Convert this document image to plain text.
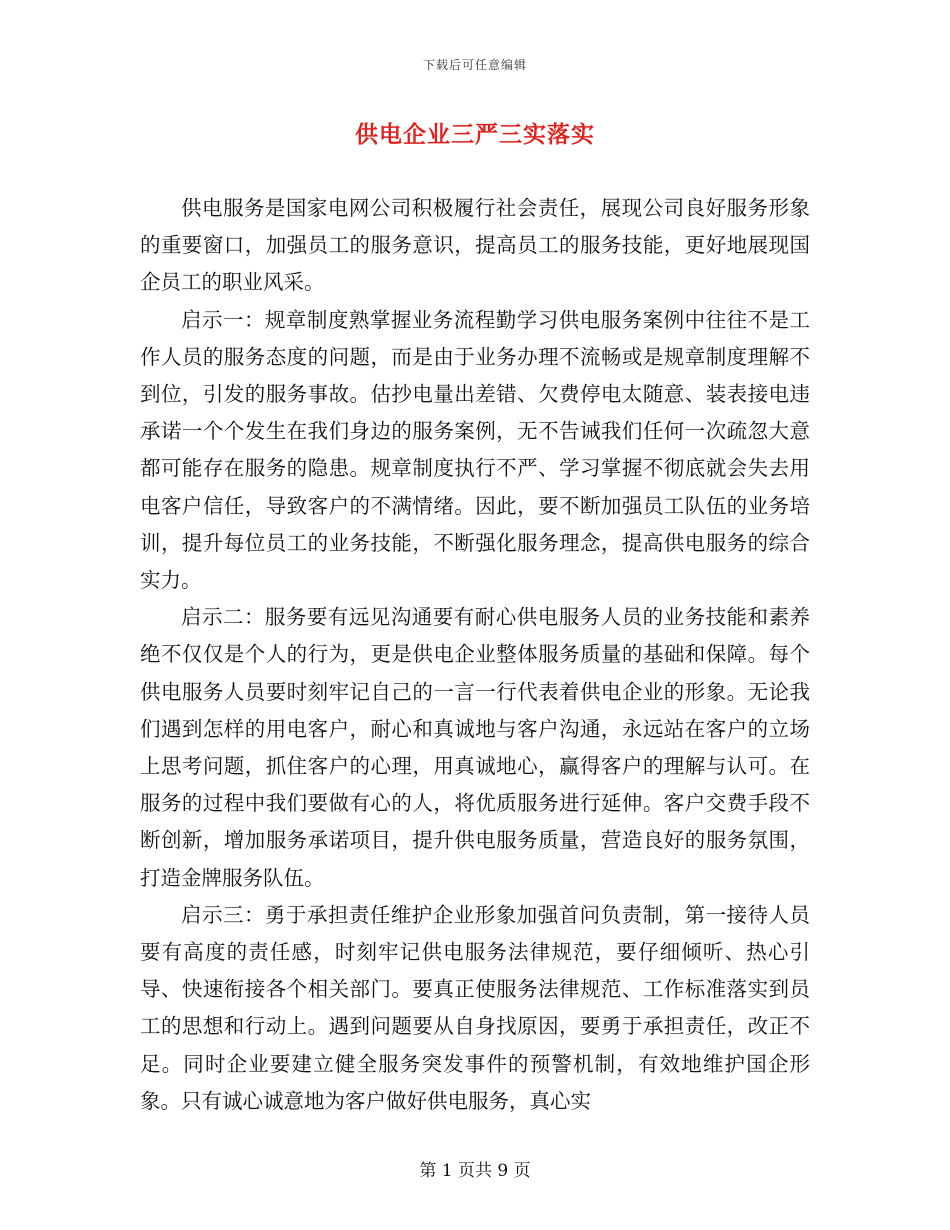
下载后可任意编辑
供电企业三严三实落实

供电服务是国家电网公司积极履行社会责任，展现公司良好服务形象的重要窗口，加强员工的服务意识，提高员工的服务技能，更好地展现国企员工的职业风采。

启示一：规章制度熟掌握业务流程勤学习供电服务案例中往往不是工作人员的服务态度的问题，而是由于业务办理不流畅或是规章制度理解不到位，引发的服务事故。估抄电量出差错、欠费停电太随意、装表接电违承诺一个个发生在我们身边的服务案例，无不告诫我们任何一次疏忽大意都可能存在服务的隐患。规章制度执行不严、学习掌握不彻底就会失去用电客户信任，导致客户的不满情绪。因此，要不断加强员工队伍的业务培训，提升每位员工的业务技能，不断强化服务理念，提高供电服务的综合实力。

启示二：服务要有远见沟通要有耐心供电服务人员的业务技能和素养绝不仅仅是个人的行为，更是供电企业整体服务质量的基础和保障。每个供电服务人员要时刻牢记自己的一言一行代表着供电企业的形象。无论我们遇到怎样的用电客户，耐心和真诚地与客户沟通，永远站在客户的立场上思考问题，抓住客户的心理，用真诚地心，赢得客户的理解与认可。在服务的过程中我们要做有心的人，将优质服务进行延伸。客户交费手段不断创新，增加服务承诺项目，提升供电服务质量，营造良好的服务氛围，打造金牌服务队伍。

启示三：勇于承担责任维护企业形象加强首问负责制，第一接待人员要有高度的责任感，时刻牢记供电服务法律规范，要仔细倾听、热心引导、快速衔接各个相关部门。要真正使服务法律规范、工作标准落实到员工的思想和行动上。遇到问题要从自身找原因，要勇于承担责任，改正不足。同时企业要建立健全服务突发事件的预警机制，有效地维护国企形象。只有诚心诚意地为客户做好供电服务，真心实

第 1 页共 9 页
